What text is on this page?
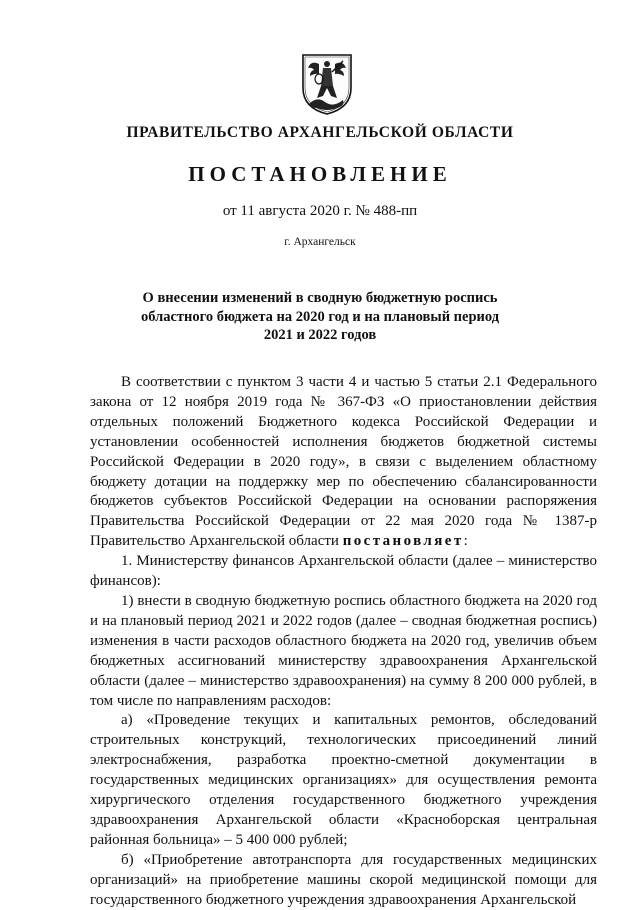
ПРАВИТЕЛЬСТВО АРХАНГЕЛЬСКОЙ ОБЛАСТИ
ПОСТАНОВЛЕНИЕ
от 11 августа 2020 г. № 488-пп
г. Архангельск
О внесении изменений в сводную бюджетную роспись
областного бюджета на 2020 год и на плановый период
2021 и 2022 годов

В соответствии с пунктом 3 части 4 и частью 5 статьи 2.1 Федерального закона от 12 ноября 2019 года № 367-ФЗ «О приостановлении действия отдельных положений Бюджетного кодекса Российской Федерации и установлении особенностей исполнения бюджетов бюджетной системы Российской Федерации в 2020 году», в связи с выделением областному бюджету дотации на поддержку мер по обеспечению сбалансированности бюджетов субъектов Российской Федерации на основании распоряжения Правительства Российской Федерации от 22 мая 2020 года № 1387-р Правительство Архангельской области постановляет:

1. Министерству финансов Архангельской области (далее – министерство финансов):

1) внести в сводную бюджетную роспись областного бюджета на 2020 год и на плановый период 2021 и 2022 годов (далее – сводная бюджетная роспись) изменения в части расходов областного бюджета на 2020 год, увеличив объем бюджетных ассигнований министерству здравоохранения Архангельской области (далее – министерство здравоохранения) на сумму 8 200 000 рублей, в том числе по направлениям расходов:

а) «Проведение текущих и капитальных ремонтов, обследований строительных конструкций, технологических присоединений линий электроснабжения, разработка проектно-сметной документации в государственных медицинских организациях» для осуществления ремонта хирургического отделения государственного бюджетного учреждения здравоохранения Архангельской области «Красноборская центральная районная больница» – 5 400 000 рублей;

б) «Приобретение автотранспорта для государственных медицинских организаций» на приобретение машины скорой медицинской помощи для государственного бюджетного учреждения здравоохранения Архангельской
